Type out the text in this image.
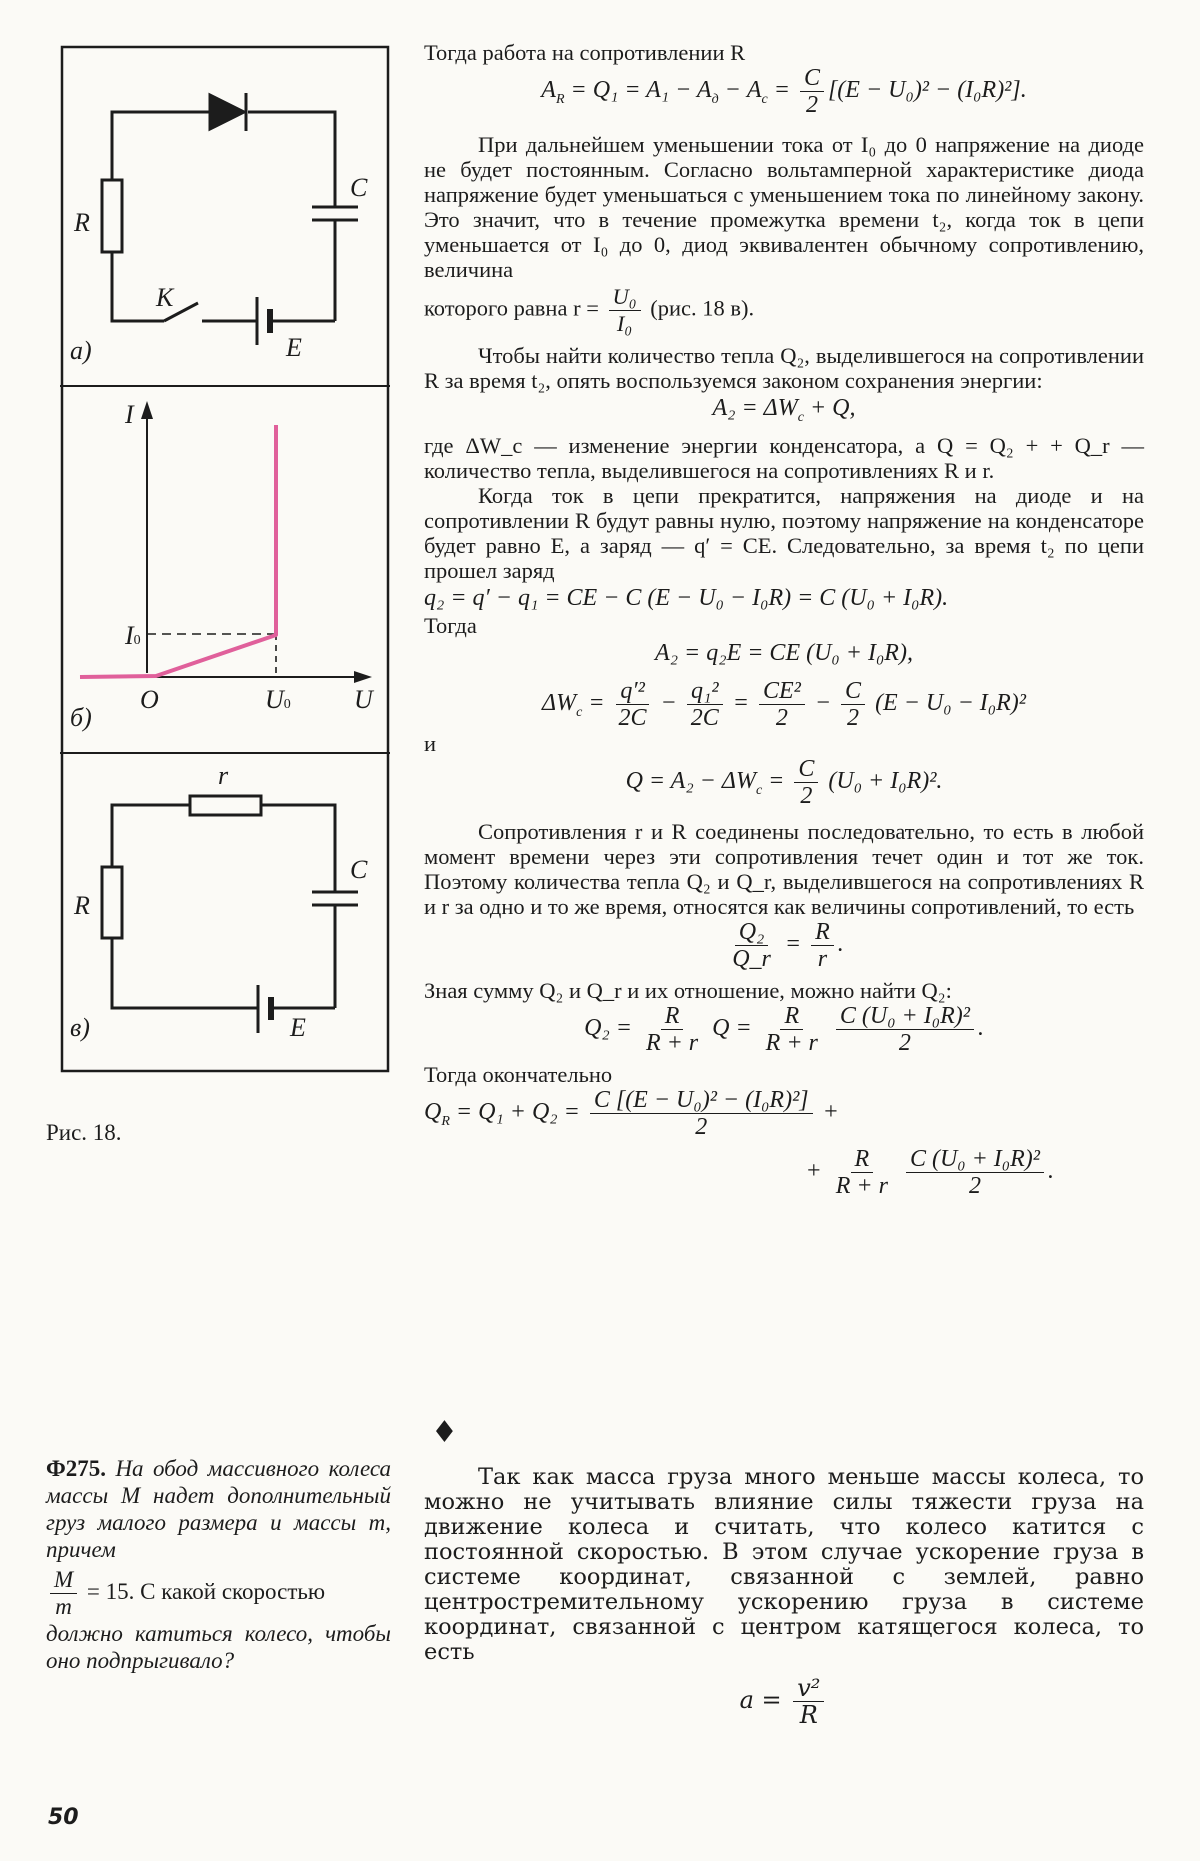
R
C
K
E
a)
I
I0
O	U0 U
б)
r
R
C
E
в)
Рис. 18.

Тогда работа на сопротивлении R

$A_R = Q_1 = A_1 - A_д - A_c = \frac{C}{2} [(E - U_0)^2 - (I_0R)^2]$.

При дальнейшем уменьшении тока от I₀ до 0 напряжение на диоде не будет постоянным. Согласно вольтамперной характеристике диода напряжение будет уменьшаться с уменьшением тока по линейному закону. Это значит, что в течение промежутка времени t₂, когда ток в цепи уменьшается от I₀ до 0, диод эквивалентен обычному сопротивлению, величина

которого равна $r = \frac{\text{U₀}}{\text{I₀}} (рис$. 18 в).

Чтобы найти количество тепла Q₂, выделившегося на сопротивлении R за время t₂, опять воспользуемся законом сохранения энергии:

$A_2 = \Delta W_c + Q$,

где ΔW_c — изменение энергии конденсатора, а Q = Q₂ + + Q_r — количество тепла, выделившегося на сопротивлениях R и r.

Когда ток в цепи прекратится, напряжения на диоде и на сопротивлении R будут равны нулю, поэтому напряжение на конденсаторе будет равно E, а заряд — q′ = CE. Следовательно, за время t₂ по цепи прошел заряд

q₂ = q′ − q₁ = CE − C (E − U₀ − I₀R) = C (U₀ + I₀R).

Тогда

A₂ = q₂E = CE (U₀ + I₀R),
$\Delta W_c = \frac{\text{q′²}}{2C} - \frac{\text{q₁²}}{2C} = \frac{\text{CE²}}{2} - \frac{C}{2} (E - U_0 - I_0R)^2$

и

$Q = A_2 - \Delta W_c = \frac{C}{2} (U_0 + I_0R)^2$.

Сопротивления r и R соединены последовательно, то есть в любой момент времени через эти сопротивления течет один и тот же ток. Поэтому количества тепла Q₂ и Q_r, выделившегося на сопротивлениях R и r за одно и то же время, относятся как величины сопротивлений, то есть

$\frac{\text{Q₂}}{Q\_r} = \frac{R}{r}$ .

Зная сумму Q₂ и Q_r и их отношение, можно найти Q₂:

$Q_2 = \frac{R}{R + r}$ $Q = \frac{R}{R + r}$
$\frac{\text{C (U₀ + I₀R)²}}{2}$ .

Тогда окончательно

$Q_R = Q_1 + Q_2 = \frac{\text{C [(E − U₀)² − (I₀R)²]}}{2}$ +
+ $\frac{R}{R + r}$
$\frac{\text{C (U₀ + I₀R)²}}{2}$ .
Ф275. На обод массивного колеса массы M надет дополнительный груз малого размера и массы m, причем
$\frac{M}{m} = 15$. С какой скоростью
должно катиться колесо, чтобы оно подпрыгивало?
♦

Так как масса груза много меньше массы колеса, то можно не учитывать влияние силы тяжести груза на движение колеса и считать, что колесо катится с постоянной скоростью. В этом случае ускорение груза в системе координат, связанной с землей, равно центростремительному ускорению груза в системе координат, связанной с центром катящегося колеса, то есть

$a = \frac{\text{v²}}{R}$
50
